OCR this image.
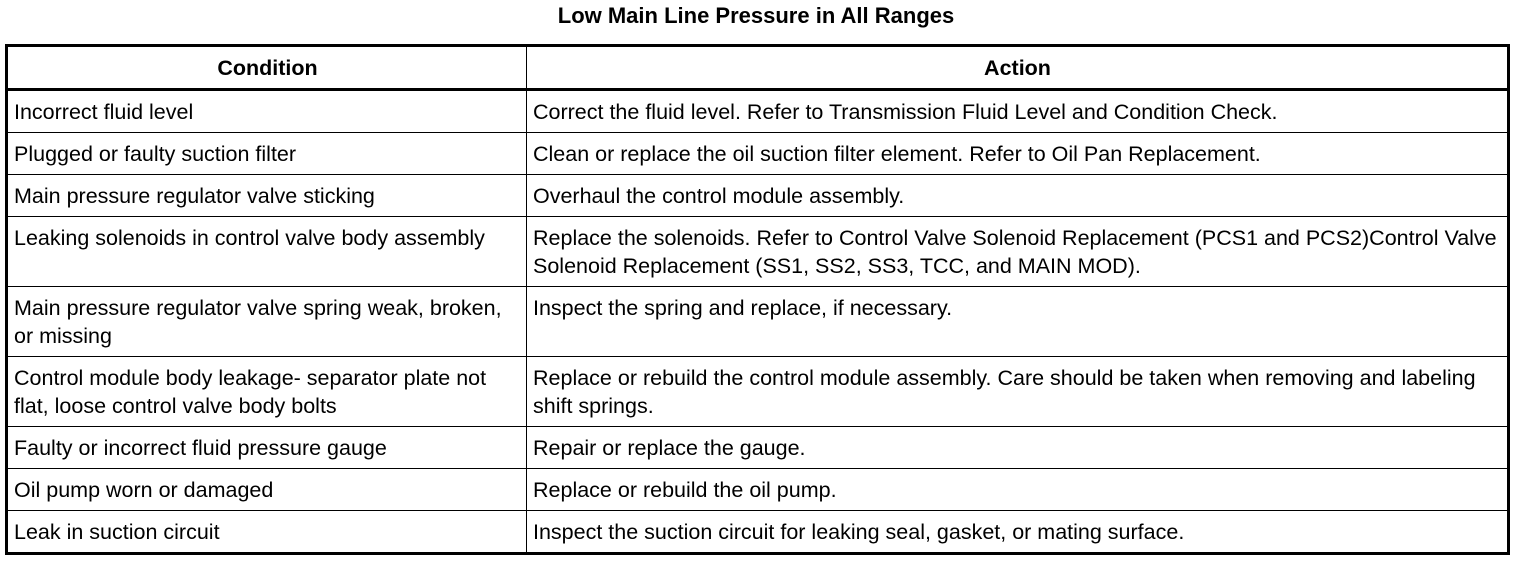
Low Main Line Pressure in All Ranges
Condition	Action
Incorrect fluid level	Correct the fluid level. Refer to Transmission Fluid Level and Condition Check.
Plugged or faulty suction filter	Clean or replace the oil suction filter element. Refer to Oil Pan Replacement.
Main pressure regulator valve sticking	Overhaul the control module assembly.
Leaking solenoids in control valve body assembly	Replace the solenoids. Refer to Control Valve Solenoid Replacement (PCS1 and PCS2)Control Valve Solenoid Replacement (SS1, SS2, SS3, TCC, and MAIN MOD).
Main pressure regulator valve spring weak, broken, or missing	Inspect the spring and replace, if necessary.
Control module body leakage- separator plate not flat, loose control valve body bolts	Replace or rebuild the control module assembly. Care should be taken when removing and labeling shift springs.
Faulty or incorrect fluid pressure gauge	Repair or replace the gauge.
Oil pump worn or damaged	Replace or rebuild the oil pump.
Leak in suction circuit	Inspect the suction circuit for leaking seal, gasket, or mating surface.
